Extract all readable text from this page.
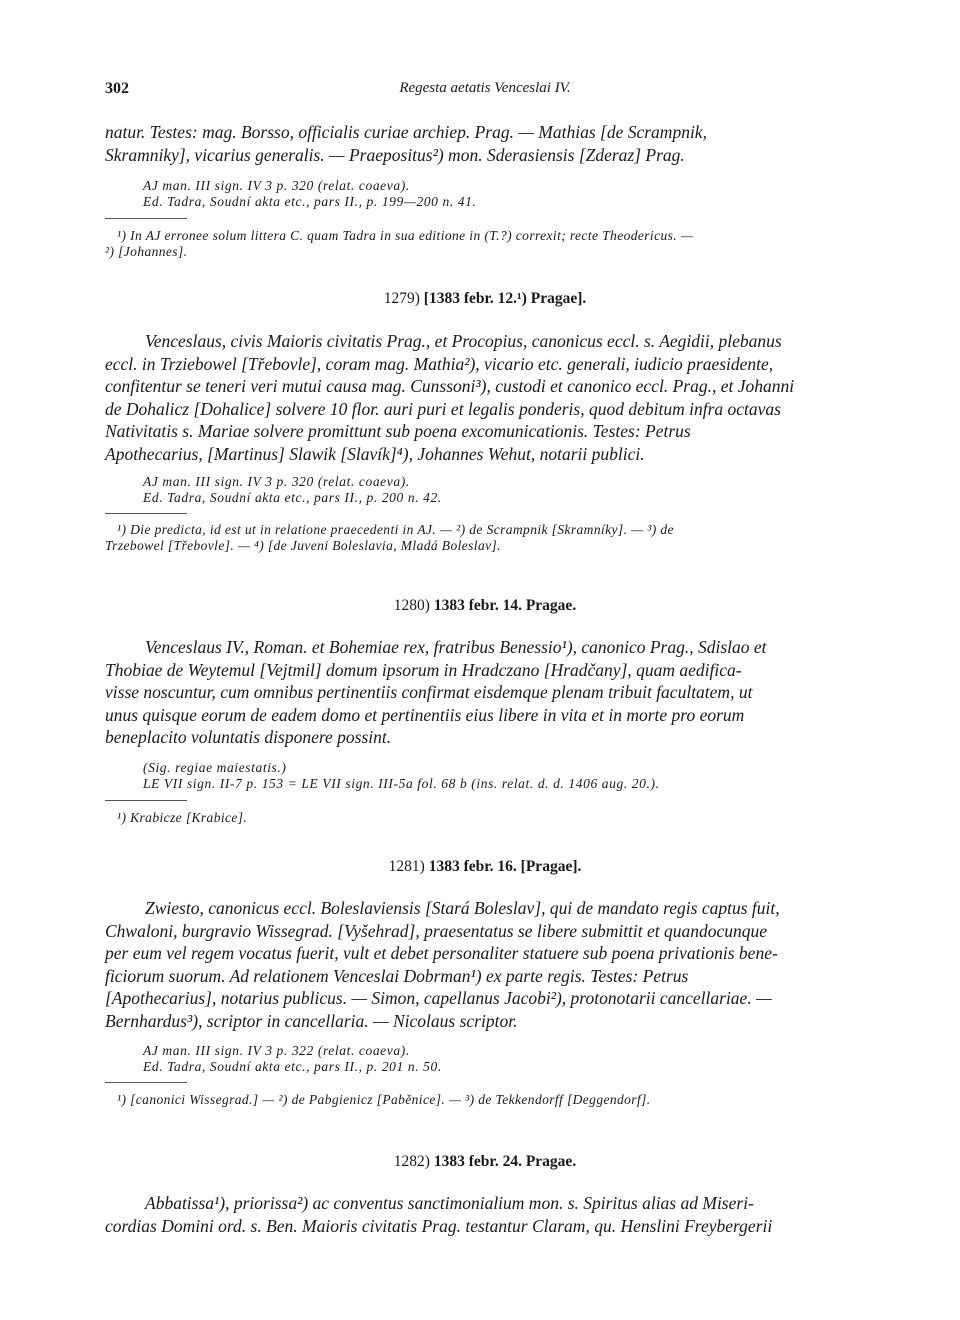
302	Regesta aetatis Venceslai IV.
natur. Testes: mag. Borsso, officialis curiae archiep. Prag. — Mathias [de Scrampnik,
Skramniky], vicarius generalis. — Praepositus²) mon. Sderasiensis [Zderaz] Prag.
AJ man. III sign. IV 3 p. 320 (relat. coaeva).
Ed. Tadra, Soudní akta etc., pars II., p. 199—200 n. 41.
¹) In AJ erronee solum littera C. quam Tadra in sua editione in (T.?) correxit; recte Theodericus. —
²) [Johannes].
1279) [1383 febr. 12.¹) Pragae].
Venceslaus, civis Maioris civitatis Prag., et Procopius, canonicus eccl. s. Aegidii, plebanus
eccl. in Trziebowel [Třebovle], coram mag. Mathia²), vicario etc. generali, iudicio praesidente,
confitentur se teneri veri mutui causa mag. Cunssoni³), custodi et canonico eccl. Prag., et Johanni
de Dohalicz [Dohalice] solvere 10 flor. auri puri et legalis ponderis, quod debitum infra octavas
Nativitatis s. Mariae solvere promittunt sub poena excomunicationis. Testes: Petrus
Apothecarius, [Martinus] Slawik [Slavík]⁴), Johannes Wehut, notarii publici.
AJ man. III sign. IV 3 p. 320 (relat. coaeva).
Ed. Tadra, Soudní akta etc., pars II., p. 200 n. 42.
¹) Die predicta, id est ut in relatione praecedenti in AJ. — ²) de Scrampnik [Skramníky]. — ³) de
Trzebowel [Třebovle]. — ⁴) [de Juveni Boleslavia, Mladá Boleslav].
1280) 1383 febr. 14. Pragae.
Venceslaus IV., Roman. et Bohemiae rex, fratribus Benessio¹), canonico Prag., Sdislao et
Thobiae de Weytemul [Vejtmil] domum ipsorum in Hradczano [Hradčany], quam aedifica-
visse noscuntur, cum omnibus pertinentiis confirmat eisdemque plenam tribuit facultatem, ut
unus quisque eorum de eadem domo et pertinentiis eius libere in vita et in morte pro eorum
beneplacito voluntatis disponere possint.
(Sig. regiae maiestatis.)
LE VII sign. II-7 p. 153 = LE VII sign. III-5a fol. 68 b (ins. relat. d. d. 1406 aug. 20.).
¹) Krabicze [Krabice].
1281) 1383 febr. 16. [Pragae].
Zwiesto, canonicus eccl. Boleslaviensis [Stará Boleslav], qui de mandato regis captus fuit,
Chwaloni, burgravio Wissegrad. [Vyšehrad], praesentatus se libere submittit et quandocunque
per eum vel regem vocatus fuerit, vult et debet personaliter statuere sub poena privationis bene-
ficiorum suorum. Ad relationem Venceslai Dobrman¹) ex parte regis. Testes: Petrus
[Apothecarius], notarius publicus. — Simon, capellanus Jacobi²), protonotarii cancellariae. —
Bernhardus³), scriptor in cancellaria. — Nicolaus scriptor.
AJ man. III sign. IV 3 p. 322 (relat. coaeva).
Ed. Tadra, Soudní akta etc., pars II., p. 201 n. 50.
¹) [canonici Wissegrad.] — ²) de Pabgienicz [Paběnice]. — ³) de Tekkendorff [Deggendorf].
1282) 1383 febr. 24. Pragae.
Abbatissa¹), priorissa²) ac conventus sanctimonialium mon. s. Spiritus alias ad Miseri-
cordias Domini ord. s. Ben. Maioris civitatis Prag. testantur Claram, qu. Henslini Freybergerii
